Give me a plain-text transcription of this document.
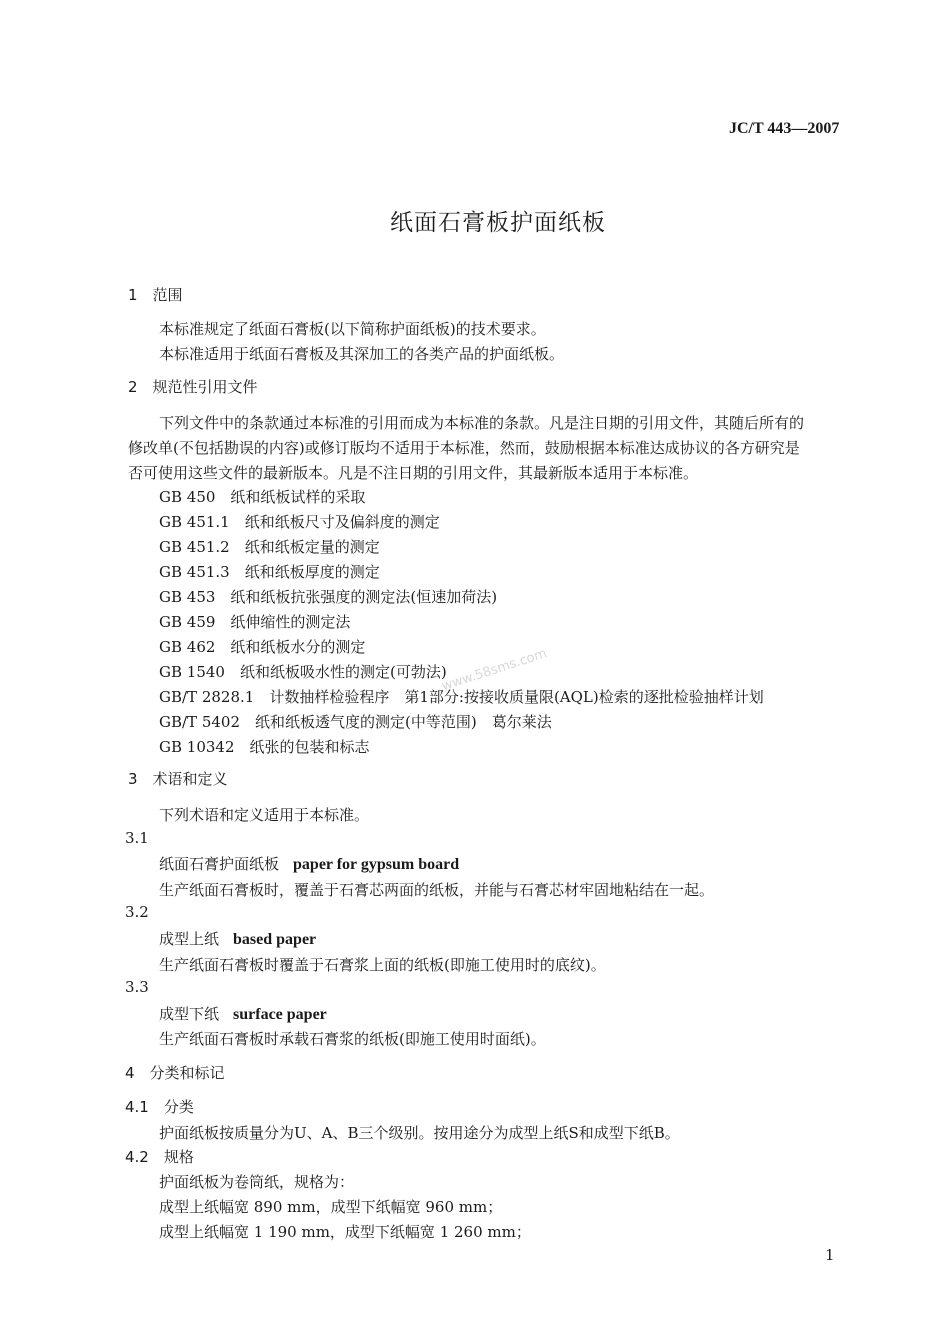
JC/T 443—2007
纸面石膏板护面纸板
1　范围
本标准规定了纸面石膏板(以下简称护面纸板)的技术要求。
本标准适用于纸面石膏板及其深加工的各类产品的护面纸板。
2　规范性引用文件
下列文件中的条款通过本标准的引用而成为本标准的条款。凡是注日期的引用文件，其随后所有的
修改单(不包括勘误的内容)或修订版均不适用于本标准，然而，鼓励根据本标准达成协议的各方研究是
否可使用这些文件的最新版本。凡是不注日期的引用文件，其最新版本适用于本标准。
GB 450　 纸和纸板试样的采取
GB 451.1　 纸和纸板尺寸及偏斜度的测定
GB 451.2　 纸和纸板定量的测定
GB 451.3　 纸和纸板厚度的测定
GB 453　 纸和纸板抗张强度的测定法(恒速加荷法)
GB 459　 纸伸缩性的测定法
GB 462　 纸和纸板水分的测定
GB 1540　 纸和纸板吸水性的测定(可勃法)
GB/T 2828.1　 计数抽样检验程序　第1部分:按接收质量限(AQL)检索的逐批检验抽样计划
GB/T 5402　 纸和纸板透气度的测定(中等范围)　葛尔莱法
GB 10342　 纸张的包装和标志
3　术语和定义
下列术语和定义适用于本标准。
3.1
纸面石膏护面纸板 paper for gypsum board
生产纸面石膏板时，覆盖于石膏芯两面的纸板，并能与石膏芯材牢固地粘结在一起。
3.2
成型上纸 based paper
生产纸面石膏板时覆盖于石膏浆上面的纸板(即施工使用时的底纹)。
3.3
成型下纸 surface paper
生产纸面石膏板时承载石膏浆的纸板(即施工使用时面纸)。
4　分类和标记
4.1　分类
护面纸板按质量分为U、A、B三个级别。按用途分为成型上纸S和成型下纸B。
4.2　规格
护面纸板为卷筒纸，规格为：
成型上纸幅宽 890 mm，成型下纸幅宽 960 mm；
成型上纸幅宽 1 190 mm，成型下纸幅宽 1 260 mm；
www.58sms.com
1
